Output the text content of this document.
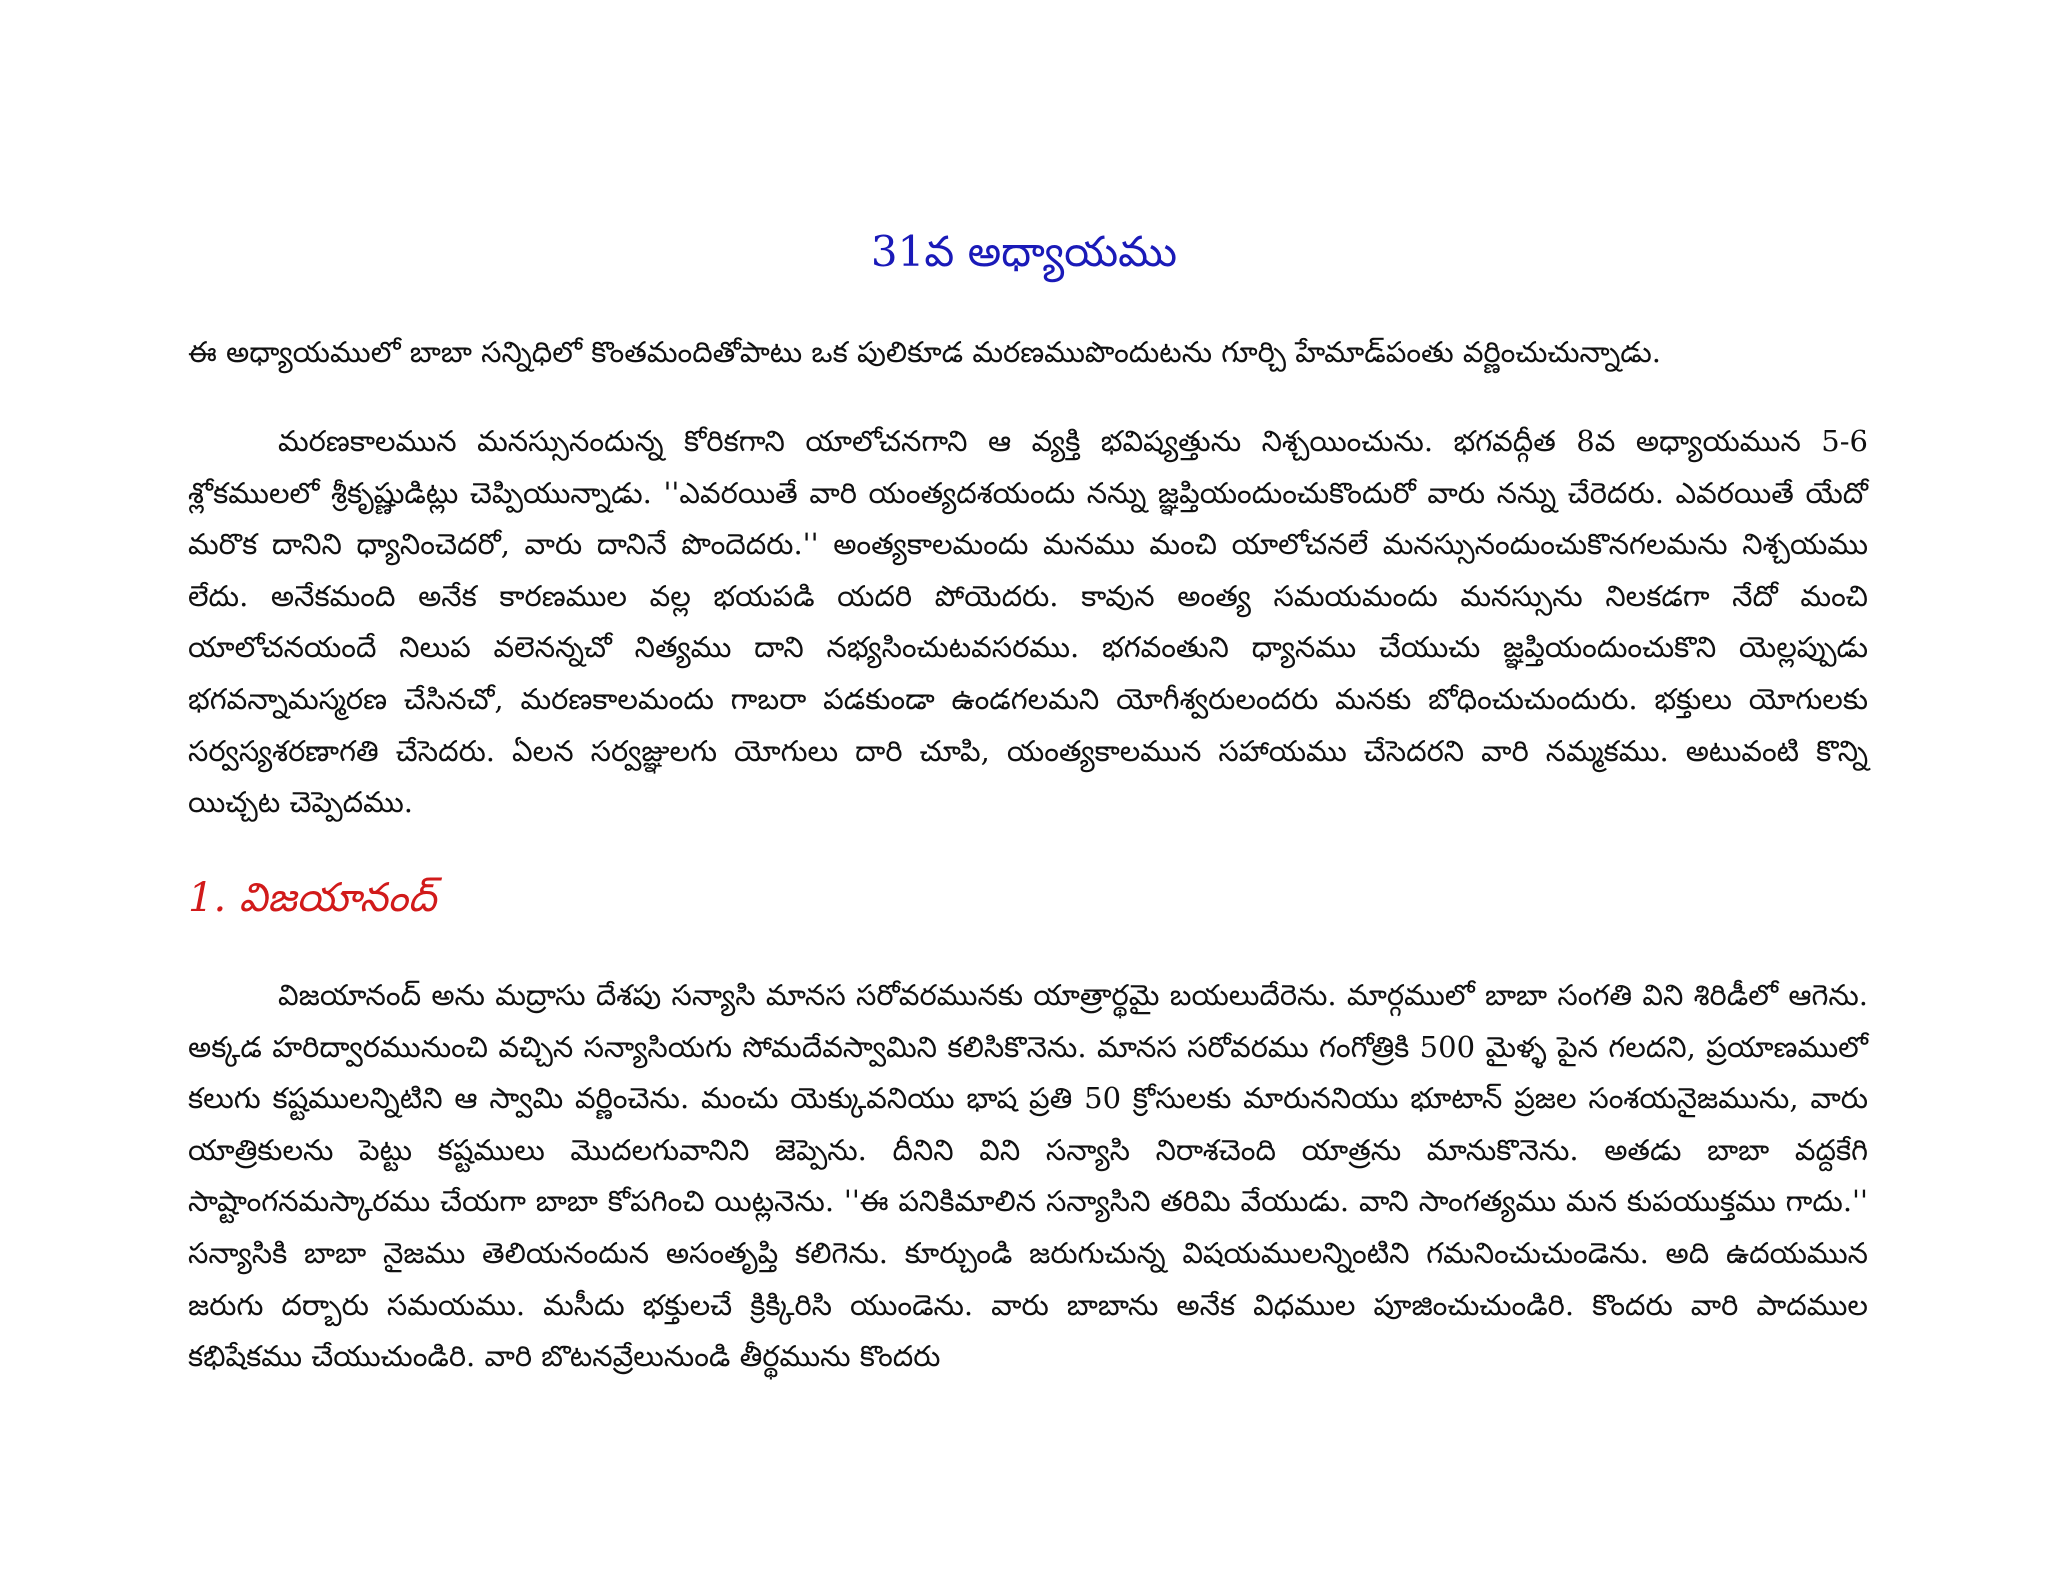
31వ అధ్యాయము

ఈ అధ్యాయములో బాబా సన్నిధిలో కొంతమందితోపాటు ఒక పులికూడ మరణముపొందుటను గూర్చి హేమాడ్‌పంతు వర్ణించుచున్నాడు.

మరణకాలమున మనస్సునందున్న కోరికగాని యాలోచనగాని ఆ వ్యక్తి భవిష్యత్తును నిశ్చయించును. భగవద్గీత 8వ అధ్యాయమున 5-6 శ్లోకములలో శ్రీకృష్ణుడిట్లు చెప్పియున్నాడు. ''ఎవరయితే వారి యంత్యదశయందు నన్ను జ్ఞప్తియందుంచుకొందురో వారు నన్ను చేరెదరు. ఎవరయితే యేదో మరొక దానిని ధ్యానించెదరో, వారు దానినే పొందెదరు.'' అంత్యకాలమందు మనము మంచి యాలోచనలే మనస్సునందుంచుకొనగలమను నిశ్చయము లేదు. అనేకమంది అనేక కారణముల వల్ల భయపడి యదరి పోయెదరు. కావున అంత్య సమయమందు మనస్సును నిలకడగా నేదో మంచి యాలోచనయందే నిలుప వలెనన్నచో నిత్యము దాని నభ్యసించుటవసరము. భగవంతుని ధ్యానము చేయుచు జ్ఞప్తియందుంచుకొని యెల్లప్పుడు భగవన్నామస్మరణ చేసినచో, మరణకాలమందు గాబరా పడకుండా ఉండగలమని యోగీశ్వరులందరు మనకు బోధించుచుందురు. భక్తులు యోగులకు సర్వస్యశరణాగతి చేసెదరు. ఏలన సర్వజ్ఞులగు యోగులు దారి చూపి, యంత్యకాలమున సహాయము చేసెదరని వారి నమ్మకము. అటువంటి కొన్ని యిచ్చట చెప్పెదము.

1. విజయానంద్

విజయానంద్ అను మద్రాసు దేశపు సన్యాసి మానస సరోవరమునకు యాత్రార్థమై బయలుదేరెను. మార్గములో బాబా సంగతి విని శిరిడీలో ఆగెను. అక్కడ హరిద్వారమునుంచి వచ్చిన సన్యాసియగు సోమదేవస్వామిని కలిసికొనెను. మానస సరోవరము గంగోత్రికి 500 మైళ్ళ పైన గలదని, ప్రయాణములో కలుగు కష్టములన్నిటిని ఆ స్వామి వర్ణించెను. మంచు యెక్కువనియు భాష ప్రతి 50 క్రోసులకు మారుననియు భూటాన్ ప్రజల సంశయనైజమును, వారు యాత్రికులను పెట్టు కష్టములు మొదలగువానిని జెప్పెను. దీనిని విని సన్యాసి నిరాశచెంది యాత్రను మానుకొనెను. అతడు బాబా వద్దకేగి సాష్టాంగనమస్కారము చేయగా బాబా కోపగించి యిట్లనెను. ''ఈ పనికిమాలిన సన్యాసిని తరిమి వేయుడు. వాని సాంగత్యము మన కుపయుక్తము గాదు.'' సన్యాసికి బాబా నైజము తెలియనందున అసంతృప్తి కలిగెను. కూర్చుండి జరుగుచున్న విషయములన్నింటిని గమనించుచుండెను. అది ఉదయమున జరుగు దర్బారు సమయము. మసీదు భక్తులచే క్రిక్కిరిసి యుండెను. వారు బాబాను అనేక విధముల పూజించుచుండిరి. కొందరు వారి పాదముల కభిషేకము చేయుచుండిరి. వారి బొటనవ్రేలునుండి తీర్థమును కొందరు
